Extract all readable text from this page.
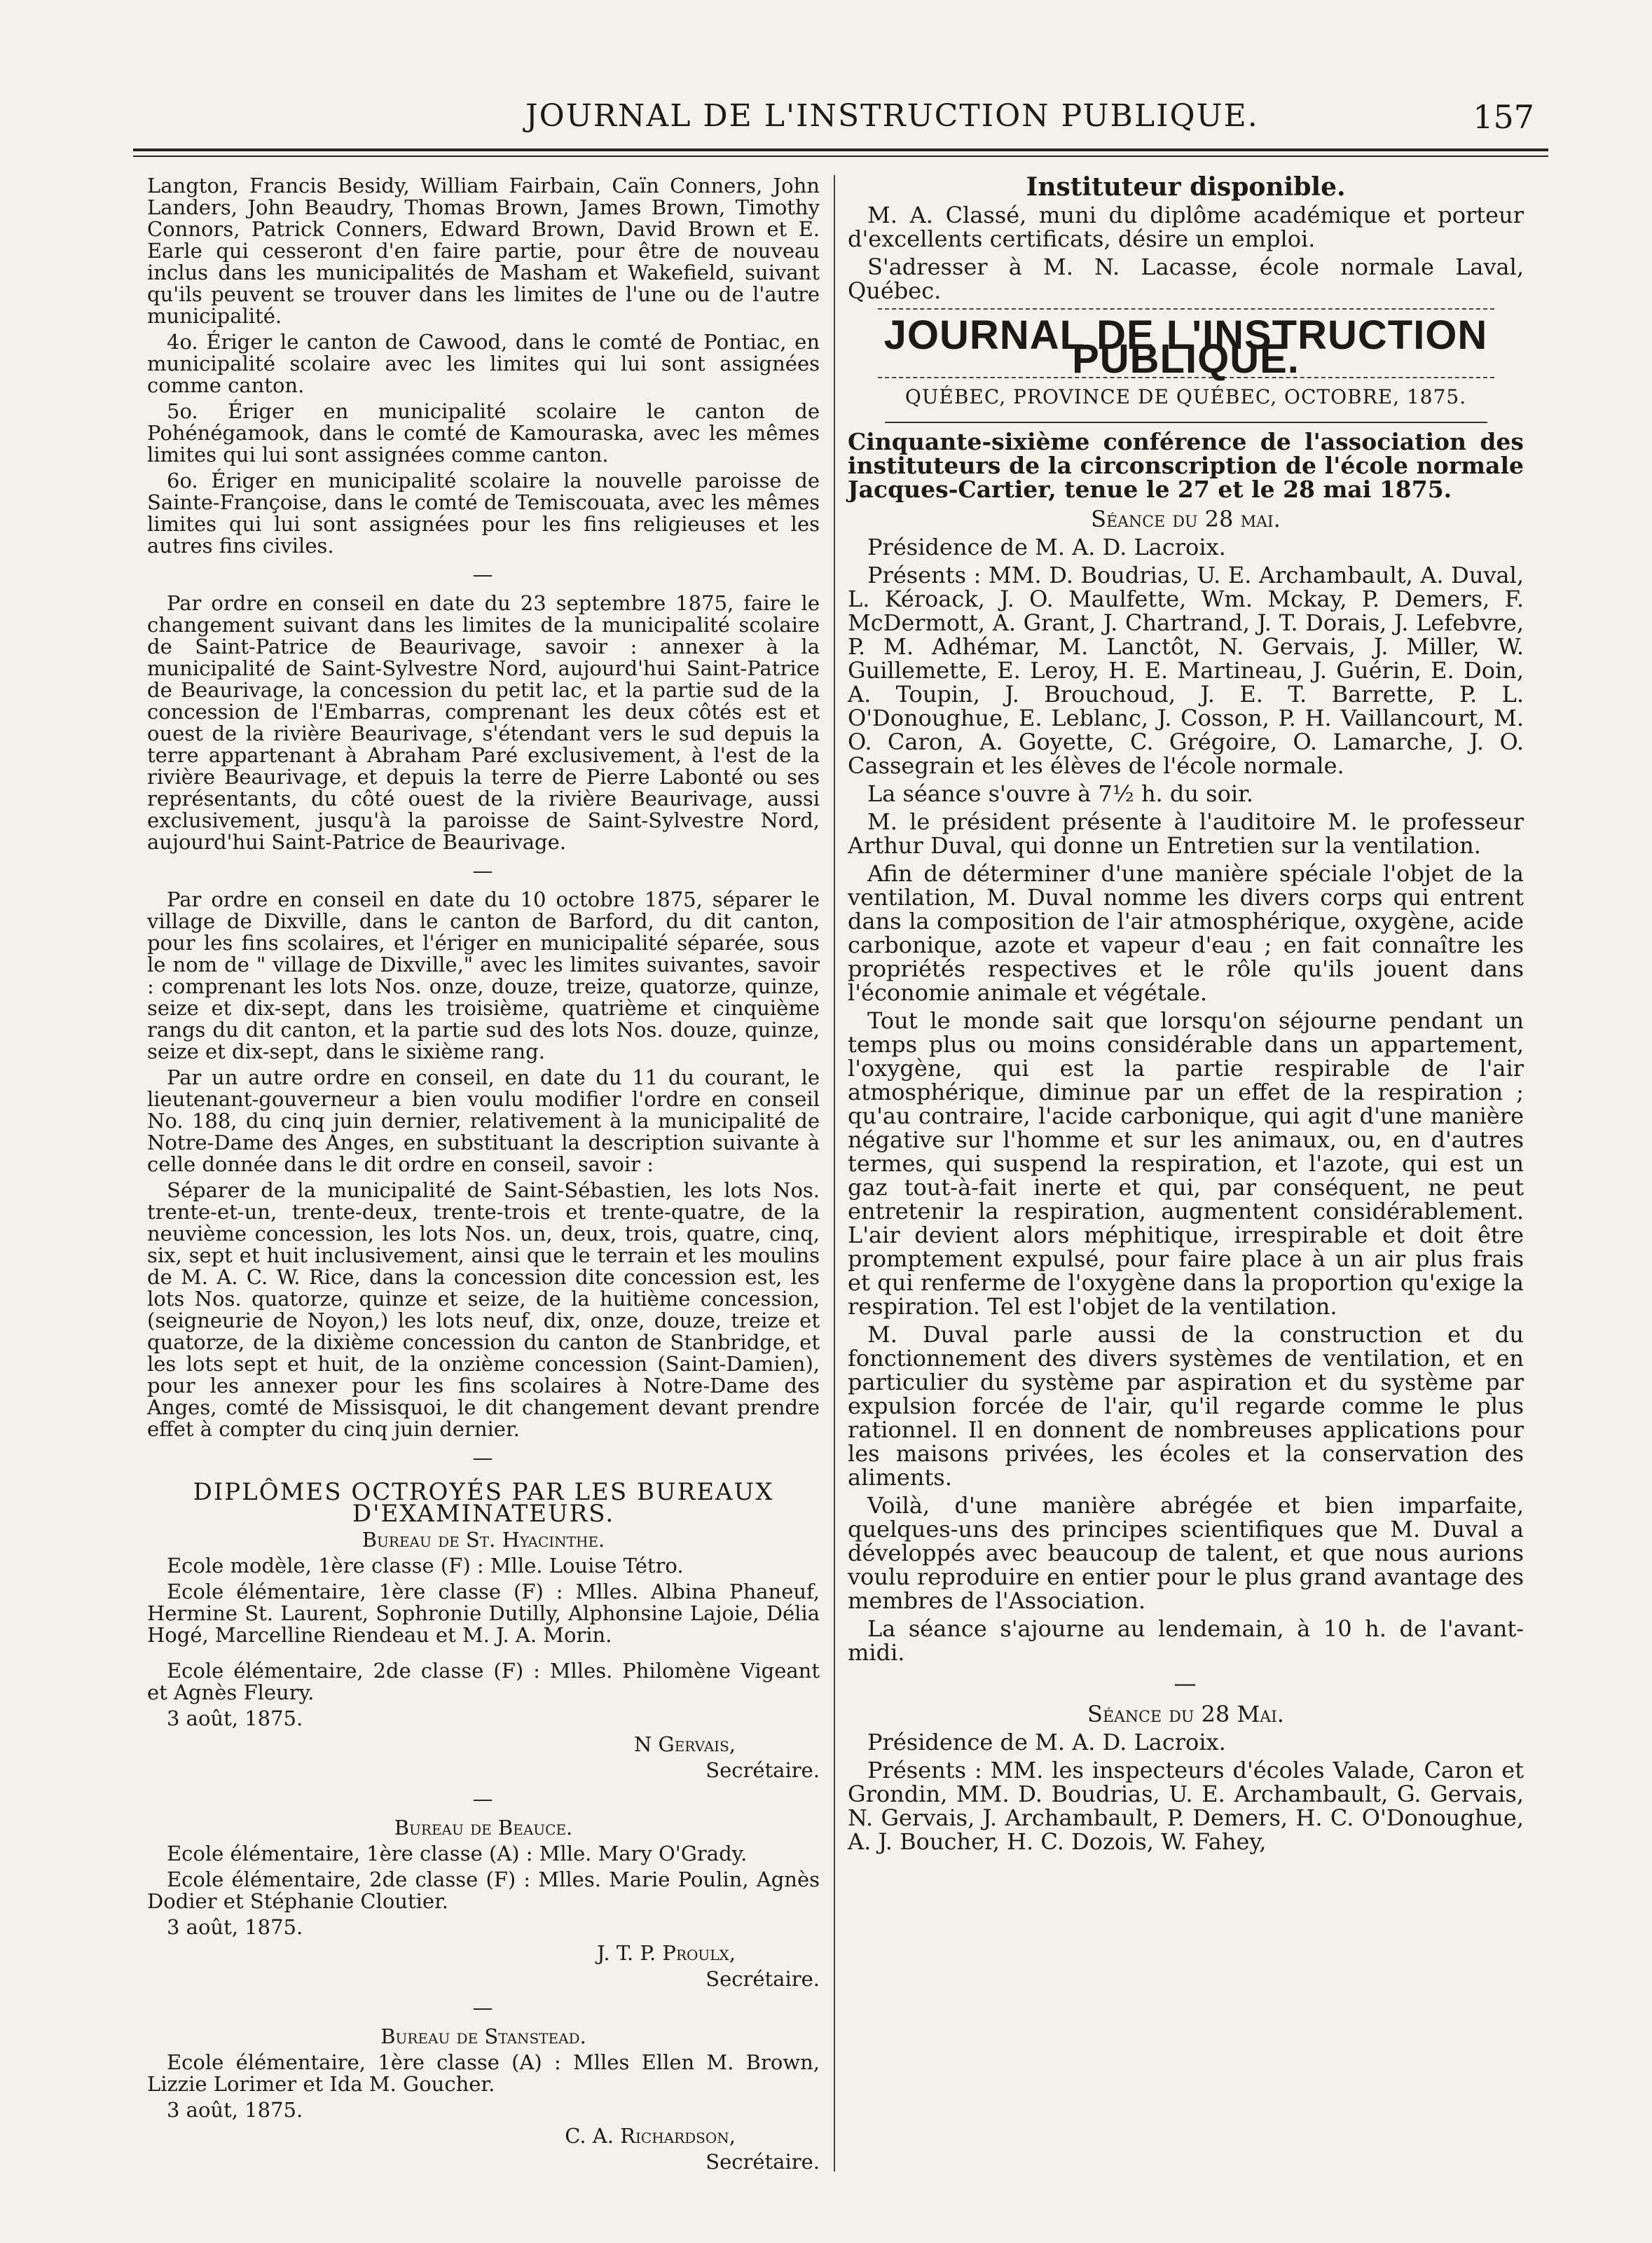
JOURNAL DE L'INSTRUCTION PUBLIQUE.	157

Langton, Francis Besidy, William Fairbain, Caïn Conners, John Landers, John Beaudry, Thomas Brown, James Brown, Timothy Connors, Patrick Conners, Edward Brown, David Brown et E. Earle qui cesseront d'en faire partie, pour être de nouveau inclus dans les municipalités de Masham et Wakefield, suivant qu'ils peuvent se trouver dans les limites de l'une ou de l'autre municipalité.

4o. Ériger le canton de Cawood, dans le comté de Pontiac, en municipalité scolaire avec les limites qui lui sont assignées comme canton.

5o. Ériger en municipalité scolaire le canton de Pohénégamook, dans le comté de Kamouraska, avec les mêmes limites qui lui sont assignées comme canton.

6o. Ériger en municipalité scolaire la nouvelle paroisse de Sainte-Françoise, dans le comté de Temiscouata, avec les mêmes limites qui lui sont assignées pour les fins religieuses et les autres fins civiles.

—

Par ordre en conseil en date du 23 septembre 1875, faire le changement suivant dans les limites de la municipalité scolaire de Saint-Patrice de Beaurivage, savoir : annexer à la municipalité de Saint-Sylvestre Nord, aujourd'hui Saint-Patrice de Beaurivage, la concession du petit lac, et la partie sud de la concession de l'Embarras, comprenant les deux côtés est et ouest de la rivière Beaurivage, s'étendant vers le sud depuis la terre appartenant à Abraham Paré exclusivement, à l'est de la rivière Beaurivage, et depuis la terre de Pierre Labonté ou ses représentants, du côté ouest de la rivière Beaurivage, aussi exclusivement, jusqu'à la paroisse de Saint-Sylvestre Nord, aujourd'hui Saint-Patrice de Beaurivage.

—

Par ordre en conseil en date du 10 octobre 1875, séparer le village de Dixville, dans le canton de Barford, du dit canton, pour les fins scolaires, et l'ériger en municipalité séparée, sous le nom de " village de Dixville," avec les limites suivantes, savoir : comprenant les lots Nos. onze, douze, treize, quatorze, quinze, seize et dix-sept, dans les troisième, quatrième et cinquième rangs du dit canton, et la partie sud des lots Nos. douze, quinze, seize et dix-sept, dans le sixième rang.

Par un autre ordre en conseil, en date du 11 du courant, le lieutenant-gouverneur a bien voulu modifier l'ordre en conseil No. 188, du cinq juin dernier, relativement à la municipalité de Notre-Dame des Anges, en substituant la description suivante à celle donnée dans le dit ordre en conseil, savoir :

Séparer de la municipalité de Saint-Sébastien, les lots Nos. trente-et-un, trente-deux, trente-trois et trente-quatre, de la neuvième concession, les lots Nos. un, deux, trois, quatre, cinq, six, sept et huit inclusivement, ainsi que le terrain et les moulins de M. A. C. W. Rice, dans la concession dite concession est, les lots Nos. quatorze, quinze et seize, de la huitième concession, (seigneurie de Noyon,) les lots neuf, dix, onze, douze, treize et quatorze, de la dixième concession du canton de Stanbridge, et les lots sept et huit, de la onzième concession (Saint-Damien), pour les annexer pour les fins scolaires à Notre-Dame des Anges, comté de Missisquoi, le dit changement devant prendre effet à compter du cinq juin dernier.

—
DIPLÔMES OCTROYÉS PAR LES BUREAUX D'EXAMINATEURS.

Bureau de St. Hyacinthe.

Ecole modèle, 1ère classe (F) : Mlle. Louise Tétro.

Ecole élémentaire, 1ère classe (F) : Mlles. Albina Phaneuf, Hermine St. Laurent, Sophronie Dutilly, Alphonsine Lajoie, Délia Hogé, Marcelline Riendeau et M. J. A. Morin.

Ecole élémentaire, 2de classe (F) : Mlles. Philomène Vigeant et Agnès Fleury.

3 août, 1875.

N Gervais,

Secrétaire.

—

Bureau de Beauce.

Ecole élémentaire, 1ère classe (A) : Mlle. Mary O'Grady.

Ecole élémentaire, 2de classe (F) : Mlles. Marie Poulin, Agnès Dodier et Stéphanie Cloutier.

3 août, 1875.

J. T. P. Proulx,

Secrétaire.

—

Bureau de Stanstead.

Ecole élémentaire, 1ère classe (A) : Mlles Ellen M. Brown, Lizzie Lorimer et Ida M. Goucher.

3 août, 1875.

C. A. Richardson,

Secrétaire.

Instituteur disponible.

M. A. Classé, muni du diplôme académique et porteur d'excellents certificats, désire un emploi.

S'adresser à M. N. Lacasse, école normale Laval, Québec.

JOURNAL DE L'INSTRUCTION PUBLIQUE.
QUÉBEC, PROVINCE DE QUÉBEC, OCTOBRE, 1875.

Cinquante-sixième conférence de l'association des instituteurs de la circonscription de l'école normale Jacques-Cartier, tenue le 27 et le 28 mai 1875.

Séance du 28 mai.

Présidence de M. A. D. Lacroix.

Présents : MM. D. Boudrias, U. E. Archambault, A. Duval, L. Kéroack, J. O. Maulfette, Wm. Mckay, P. Demers, F. McDermott, A. Grant, J. Chartrand, J. T. Dorais, J. Lefebvre, P. M. Adhémar, M. Lanctôt, N. Gervais, J. Miller, W. Guillemette, E. Leroy, H. E. Martineau, J. Guérin, E. Doin, A. Toupin, J. Brouchoud, J. E. T. Barrette, P. L. O'Donoughue, E. Leblanc, J. Cosson, P. H. Vaillancourt, M. O. Caron, A. Goyette, C. Grégoire, O. Lamarche, J. O. Cassegrain et les élèves de l'école normale.

La séance s'ouvre à 7½ h. du soir.

M. le président présente à l'auditoire M. le professeur Arthur Duval, qui donne un Entretien sur la ventilation.

Afin de déterminer d'une manière spéciale l'objet de la ventilation, M. Duval nomme les divers corps qui entrent dans la composition de l'air atmosphérique, oxygène, acide carbonique, azote et vapeur d'eau ; en fait connaître les propriétés respectives et le rôle qu'ils jouent dans l'économie animale et végétale.

Tout le monde sait que lorsqu'on séjourne pendant un temps plus ou moins considérable dans un appartement, l'oxygène, qui est la partie respirable de l'air atmosphérique, diminue par un effet de la respiration ; qu'au contraire, l'acide carbonique, qui agit d'une manière négative sur l'homme et sur les animaux, ou, en d'autres termes, qui suspend la respiration, et l'azote, qui est un gaz tout-à-fait inerte et qui, par conséquent, ne peut entretenir la respiration, augmentent considérablement. L'air devient alors méphitique, irrespirable et doit être promptement expulsé, pour faire place à un air plus frais et qui renferme de l'oxygène dans la proportion qu'exige la respiration. Tel est l'objet de la ventilation.

M. Duval parle aussi de la construction et du fonctionnement des divers systèmes de ventilation, et en particulier du système par aspiration et du système par expulsion forcée de l'air, qu'il regarde comme le plus rationnel. Il en donnent de nombreuses applications pour les maisons privées, les écoles et la conservation des aliments.

Voilà, d'une manière abrégée et bien imparfaite, quelques-uns des principes scientifiques que M. Duval a développés avec beaucoup de talent, et que nous aurions voulu reproduire en entier pour le plus grand avantage des membres de l'Association.

La séance s'ajourne au lendemain, à 10 h. de l'avant-midi.

—

Séance du 28 Mai.

Présidence de M. A. D. Lacroix.

Présents : MM. les inspecteurs d'écoles Valade, Caron et Grondin, MM. D. Boudrias, U. E. Archambault, G. Gervais, N. Gervais, J. Archambault, P. Demers, H. C. O'Donoughue, A. J. Boucher, H. C. Dozois, W. Fahey,
